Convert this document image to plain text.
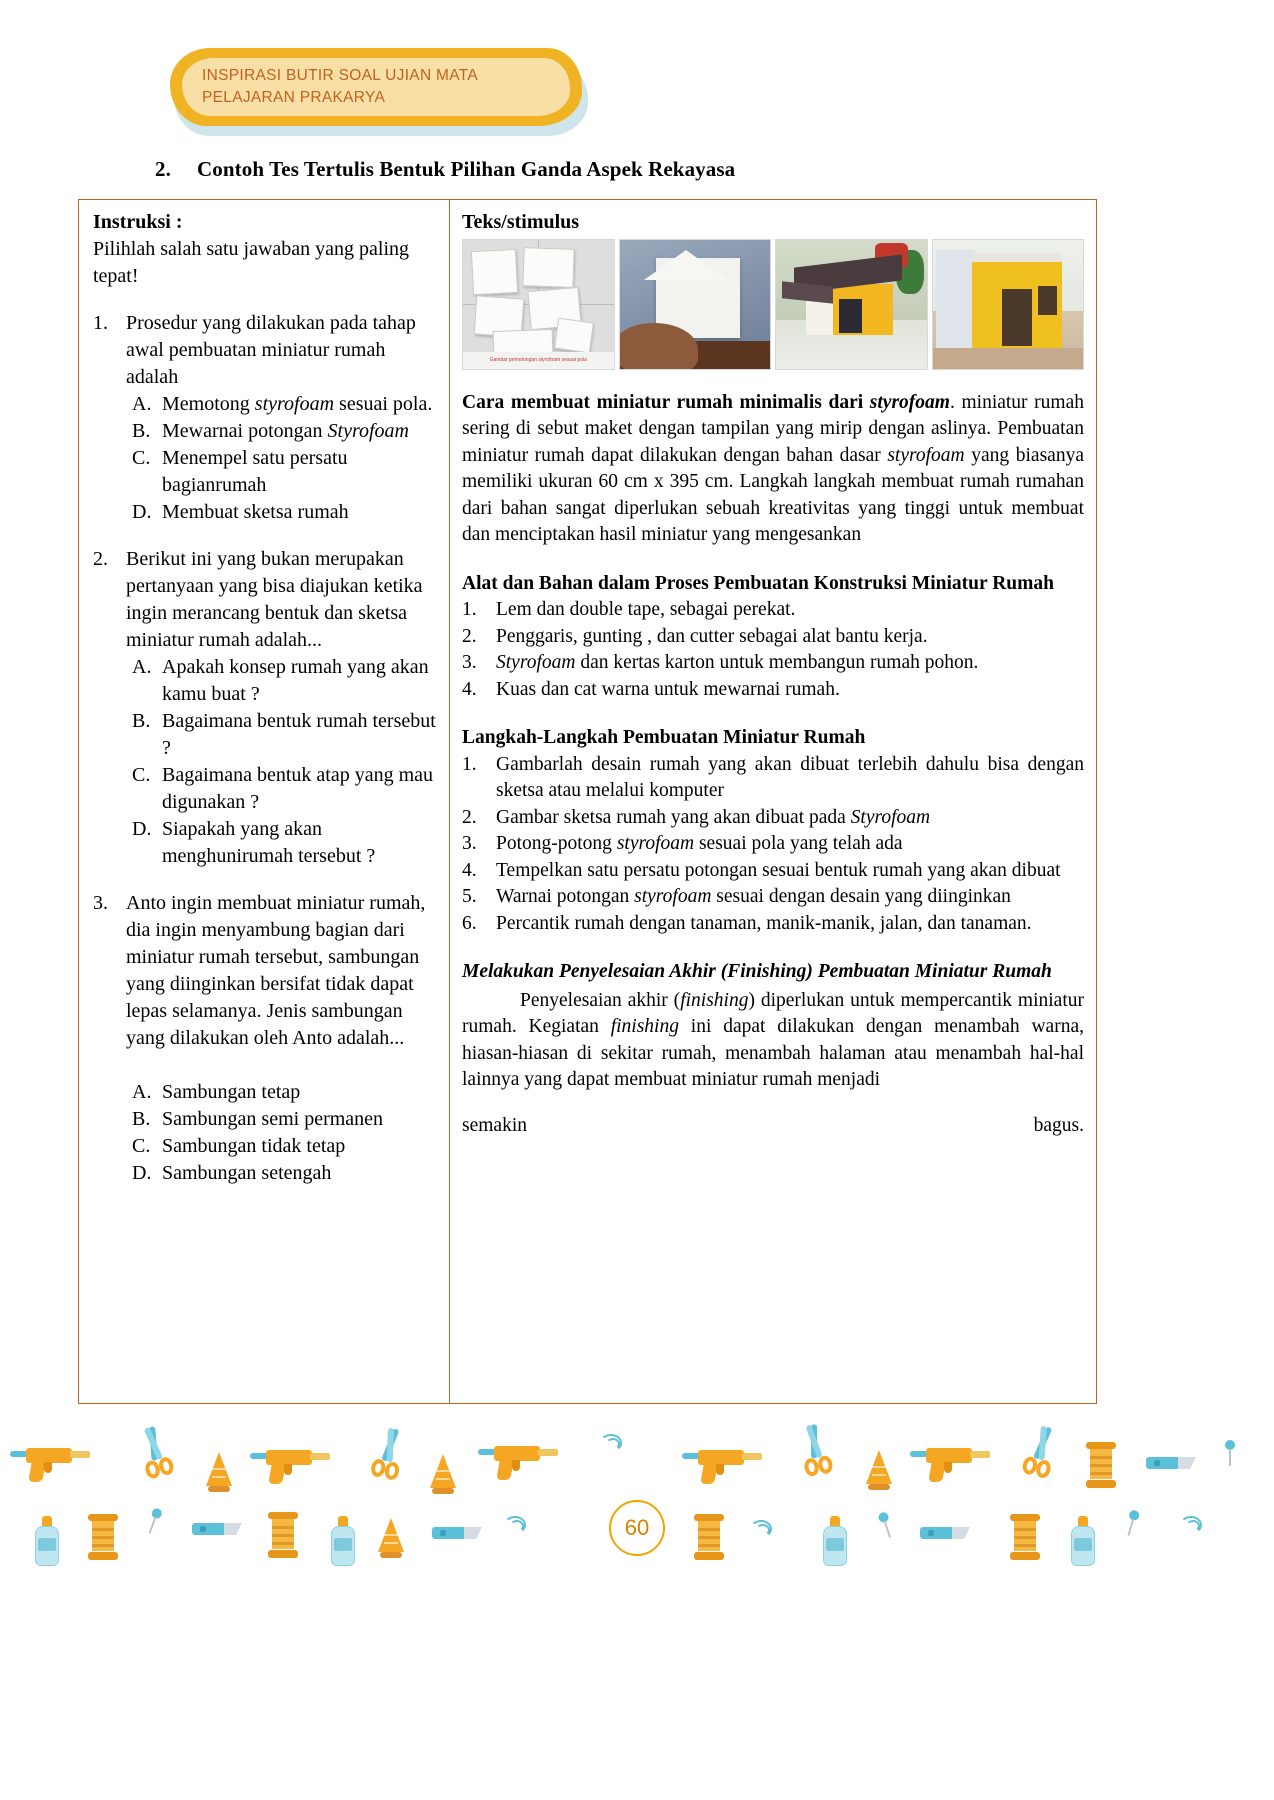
INSPIRASI BUTIR SOAL UJIAN MATA
PELAJARAN PRAKARYA
2. Contoh Tes Tertulis Bentuk Pilihan Ganda Aspek Rekayasa
Instruksi :
Pilihlah salah satu jawaban yang paling tepat!
1. Prosedur yang dilakukan pada tahap awal pembuatan miniatur rumah adalah
A. Memotong styrofoam sesuai pola.
B. Mewarnai potongan Styrofoam
C. Menempel satu persatu bagianrumah
D. Membuat sketsa rumah
2. Berikut ini yang bukan merupakan pertanyaan yang bisa diajukan ketika ingin merancang bentuk dan sketsa miniatur rumah adalah...
A. Apakah konsep rumah yang akan kamu buat ?
B. Bagaimana bentuk rumah tersebut ?
C. Bagaimana bentuk atap yang mau digunakan ?
D. Siapakah yang akan menghunirumah tersebut ?
3. Anto ingin membuat miniatur rumah, dia ingin menyambung bagian dari miniatur rumah tersebut, sambungan yang diinginkan bersifat tidak dapat lepas selamanya. Jenis sambungan yang dilakukan oleh Anto adalah...
A. Sambungan tetap
B. Sambungan semi permanen
C. Sambungan tidak tetap
D. Sambungan setengah
Teks/stimulus
Gambar pemotongan styrofoam sesuai pola

Cara membuat miniatur rumah minimalis dari styrofoam. miniatur rumah sering di sebut maket dengan tampilan yang mirip dengan aslinya. Pembuatan miniatur rumah dapat dilakukan dengan bahan dasar styrofoam yang biasanya memiliki ukuran 60 cm x 395 cm. Langkah langkah membuat rumah rumahan dari bahan sangat diperlukan sebuah kreativitas yang tinggi untuk membuat dan menciptakan hasil miniatur yang mengesankan

Alat dan Bahan dalam Proses Pembuatan Konstruksi Miniatur Rumah
1. Lem dan double tape, sebagai perekat.
2. Penggaris, gunting , dan cutter sebagai alat bantu kerja.
3. Styrofoam dan kertas karton untuk membangun rumah pohon.
4. Kuas dan cat warna untuk mewarnai rumah.
Langkah-Langkah Pembuatan Miniatur Rumah
1. Gambarlah desain rumah yang akan dibuat terlebih dahulu bisa dengan sketsa atau melalui komputer
2. Gambar sketsa rumah yang akan dibuat pada Styrofoam
3. Potong-potong styrofoam sesuai pola yang telah ada
4. Tempelkan satu persatu potongan sesuai bentuk rumah yang akan dibuat
5. Warnai potongan styrofoam sesuai dengan desain yang diinginkan
6. Percantik rumah dengan tanaman, manik-manik, jalan, dan tanaman.
Melakukan Penyelesaian Akhir (Finishing) Pembuatan Miniatur Rumah

Penyelesaian akhir (finishing) diperlukan untuk mempercantik miniatur rumah. Kegiatan finishing ini dapat dilakukan dengan menambah warna, hiasan-hiasan di sekitar rumah, menambah halaman atau menambah hal-hal lainnya yang dapat membuat miniatur rumah menjadi

semakin	bagus.
60
